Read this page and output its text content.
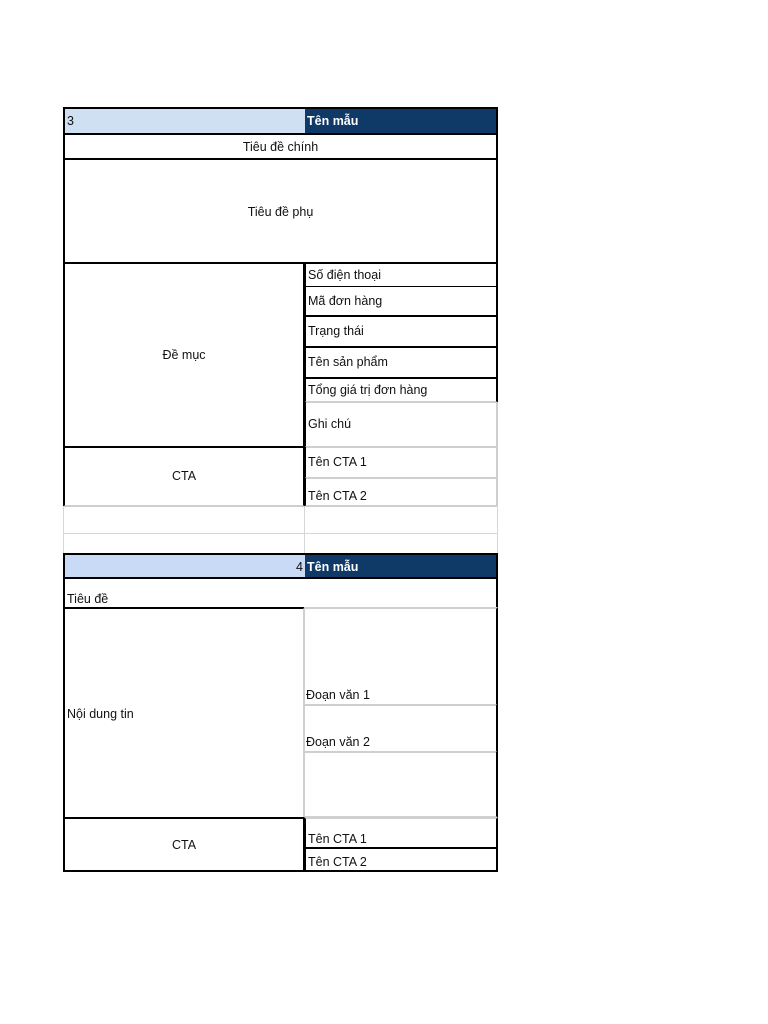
3	Tên mẫu
Tiêu đề chính
Tiêu đề phụ
Đề mục
Số điện thoại
Mã đơn hàng
Trạng thái
Tên sản phẩm
Tổng giá trị đơn hàng
Ghi chú
CTA
Tên CTA 1
Tên CTA 2
4 Tên mẫu
Tiêu đề
Nội dung tin
Đoạn văn 1
Đoạn văn 2
CTA	Tên CTA 1
Tên CTA 2
